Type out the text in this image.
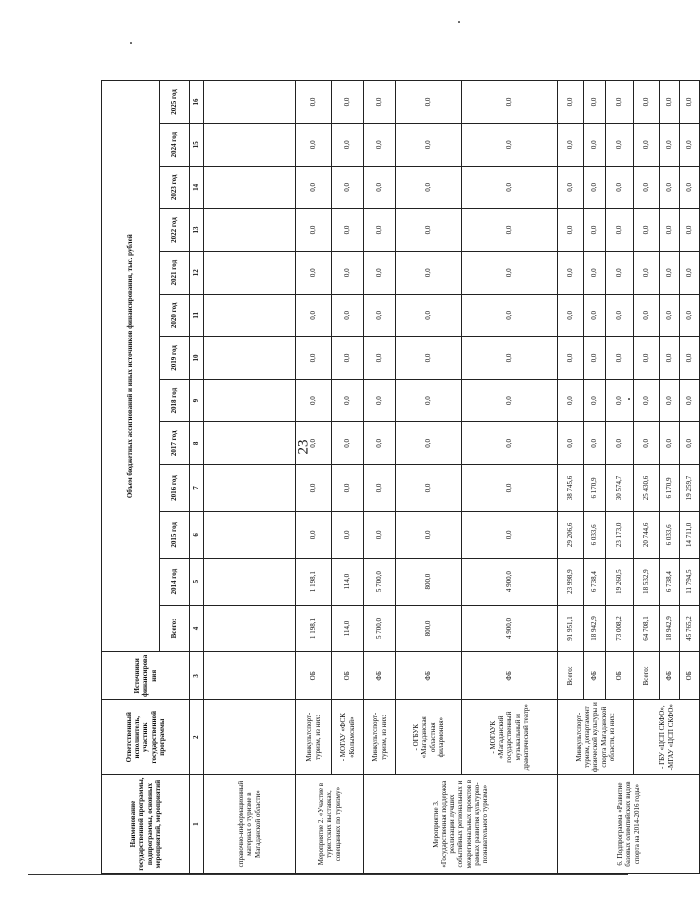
23
Наименование государственной программы, подпрограммы, основных мероприятий, мероприятий	Ответственный исполнитель, участник государственной программы	Источники финансирования	Объем бюджетных ассигнований и иных источников финансирования, тыс. рублей												
			Всего:	2014 год	2015 год	2016 год	2017 год	2018 год	2019 год	2020 год	2021 год	2022 год	2023 год	2024 год	2025 год
1	2	3	4	5	6	7	8	9	10	11	12	13	14	15	16
справочно-информационный материал о туризме в Магаданской области»															
Мероприятие 2. «Участие в туристских выставках, совещаниях по туризму»	Минкультспорт-туризм, из них:	ОБ	1 198,1	1 198,1	0,0	0,0	0,0	0,0	0,0	0,0	0,0	0,0	0,0	0,0	0,0
	- МОГАУ «ФСК «Колымский»	ОБ	114,0	114,0	0,0	0,0	0,0	0,0	0,0	0,0	0,0	0,0	0,0	0,0	0,0
Мероприятие 3. «Государственная поддержка реализации лучших событийных региональных и межрегиональных проектов в рамках развития культурно-познавательного туризма»	Минкультспорт-туризм, из них:	ФБ	5 700,0	5 700,0	0,0	0,0	0,0	0,0	0,0	0,0	0,0	0,0	0,0	0,0	0,0
	- ОГБУК «Магаданская областная филармония»	ФБ	800,0	800,0	0,0	0,0	0,0	0,0	0,0	0,0	0,0	0,0	0,0	0,0	0,0
	- МОГАУК «Магаданский государственный музыкальный и драматический театр»	ФБ	4 900,0	4 900,0	0,0	0,0	0,0	0,0	0,0	0,0	0,0	0,0	0,0	0,0	0,0
6. Подпрограмма «Развитие базовых олимпийских видов спорта на 2014-2016 годы»	Минкультспорт-туризм, департамент физической культуры и спорта Магаданской области, из них:	Всего:	91 951,1	23 998,9	29 206,6	38 745,6	0,0	0,0	0,0	0,0	0,0	0,0	0,0	0,0	0,0
		ФБ	18 942,9	6 738,4	6 033,6	6 170,9	0,0	0,0	0,0	0,0	0,0	0,0	0,0	0,0	0,0
		ОБ	73 008,2	19 260,5	23 173,0	30 574,7	0,0	0,0	0,0	0,0	0,0	0,0	0,0	0,0	0,0
	- ГБУ «ЦСП СКФО», -МГАУ «ЦСП СКФО»	Всего:	64 708,1	18 532,9	20 744,6	25 430,6	0,0	0,0	0,0	0,0	0,0	0,0	0,0	0,0	0,0
		ФБ	18 942,9	6 738,4	6 033,6	6 170,9	0,0	0,0	0,0	0,0	0,0	0,0	0,0	0,0	0,0
		ОБ	45 765,2	11 794,5	14 711,0	19 259,7	0,0	0,0	0,0	0,0	0,0	0,0	0,0	0,0	0,0
